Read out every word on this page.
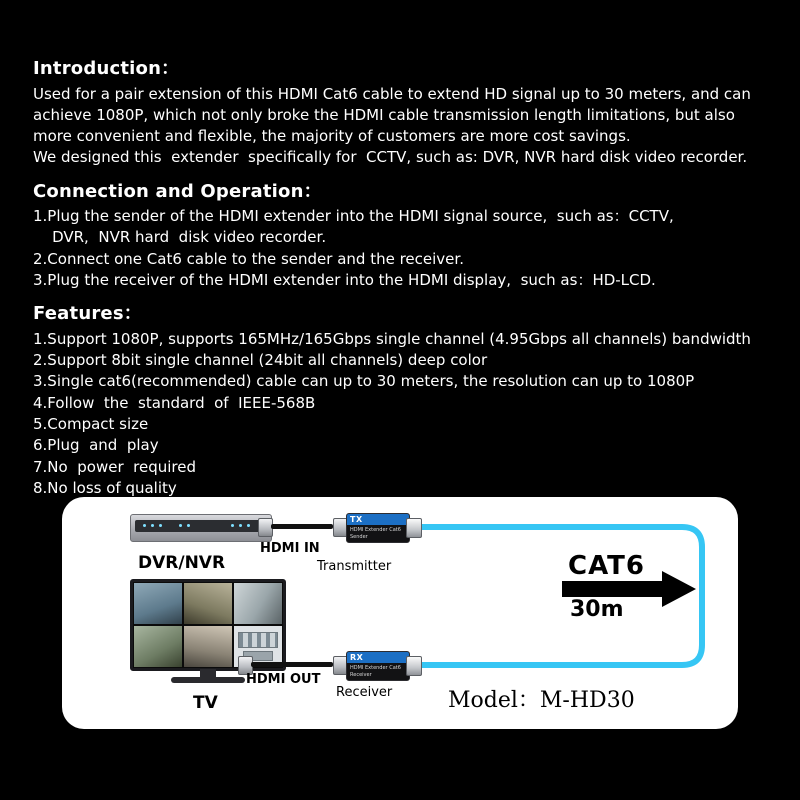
Introduction：

Used for a pair extension of this HDMI Cat6 cable to extend HD signal up to 30 meters, and can

achieve 1080P, which not only broke the HDMI cable transmission length limitations, but also

more convenient and flexible, the majority of customers are more cost savings.

We designed this  extender  specifically for  CCTV, such as: DVR, NVR hard disk video recorder.

Connection and Operation：

1.Plug the sender of the HDMI extender into the HDMI signal source,  such as：CCTV,

DVR,  NVR hard  disk video recorder.

2.Connect one Cat6 cable to the sender and the receiver.

3.Plug the receiver of the HDMI extender into the HDMI display,  such as：HD-LCD.

Features：

1.Support 1080P, supports 165MHz/165Gbps single channel (4.95Gbps all channels) bandwidth

2.Support 8bit single channel (24bit all channels) deep color

3.Single cat6(recommended) cable can up to 30 meters, the resolution can up to 1080P

4.Follow  the  standard  of  IEEE-568B

5.Compact size

6.Plug  and  play

7.No  power  required

8.No loss of quality

DVR/NVR
TV
TX
HDMI Extender Cat6 Sender
HDMI IN
Transmitter
RX
HDMI Extender Cat6 Receiver
HDMI OUT
Receiver
CAT6
30m
Model：M-HD30
